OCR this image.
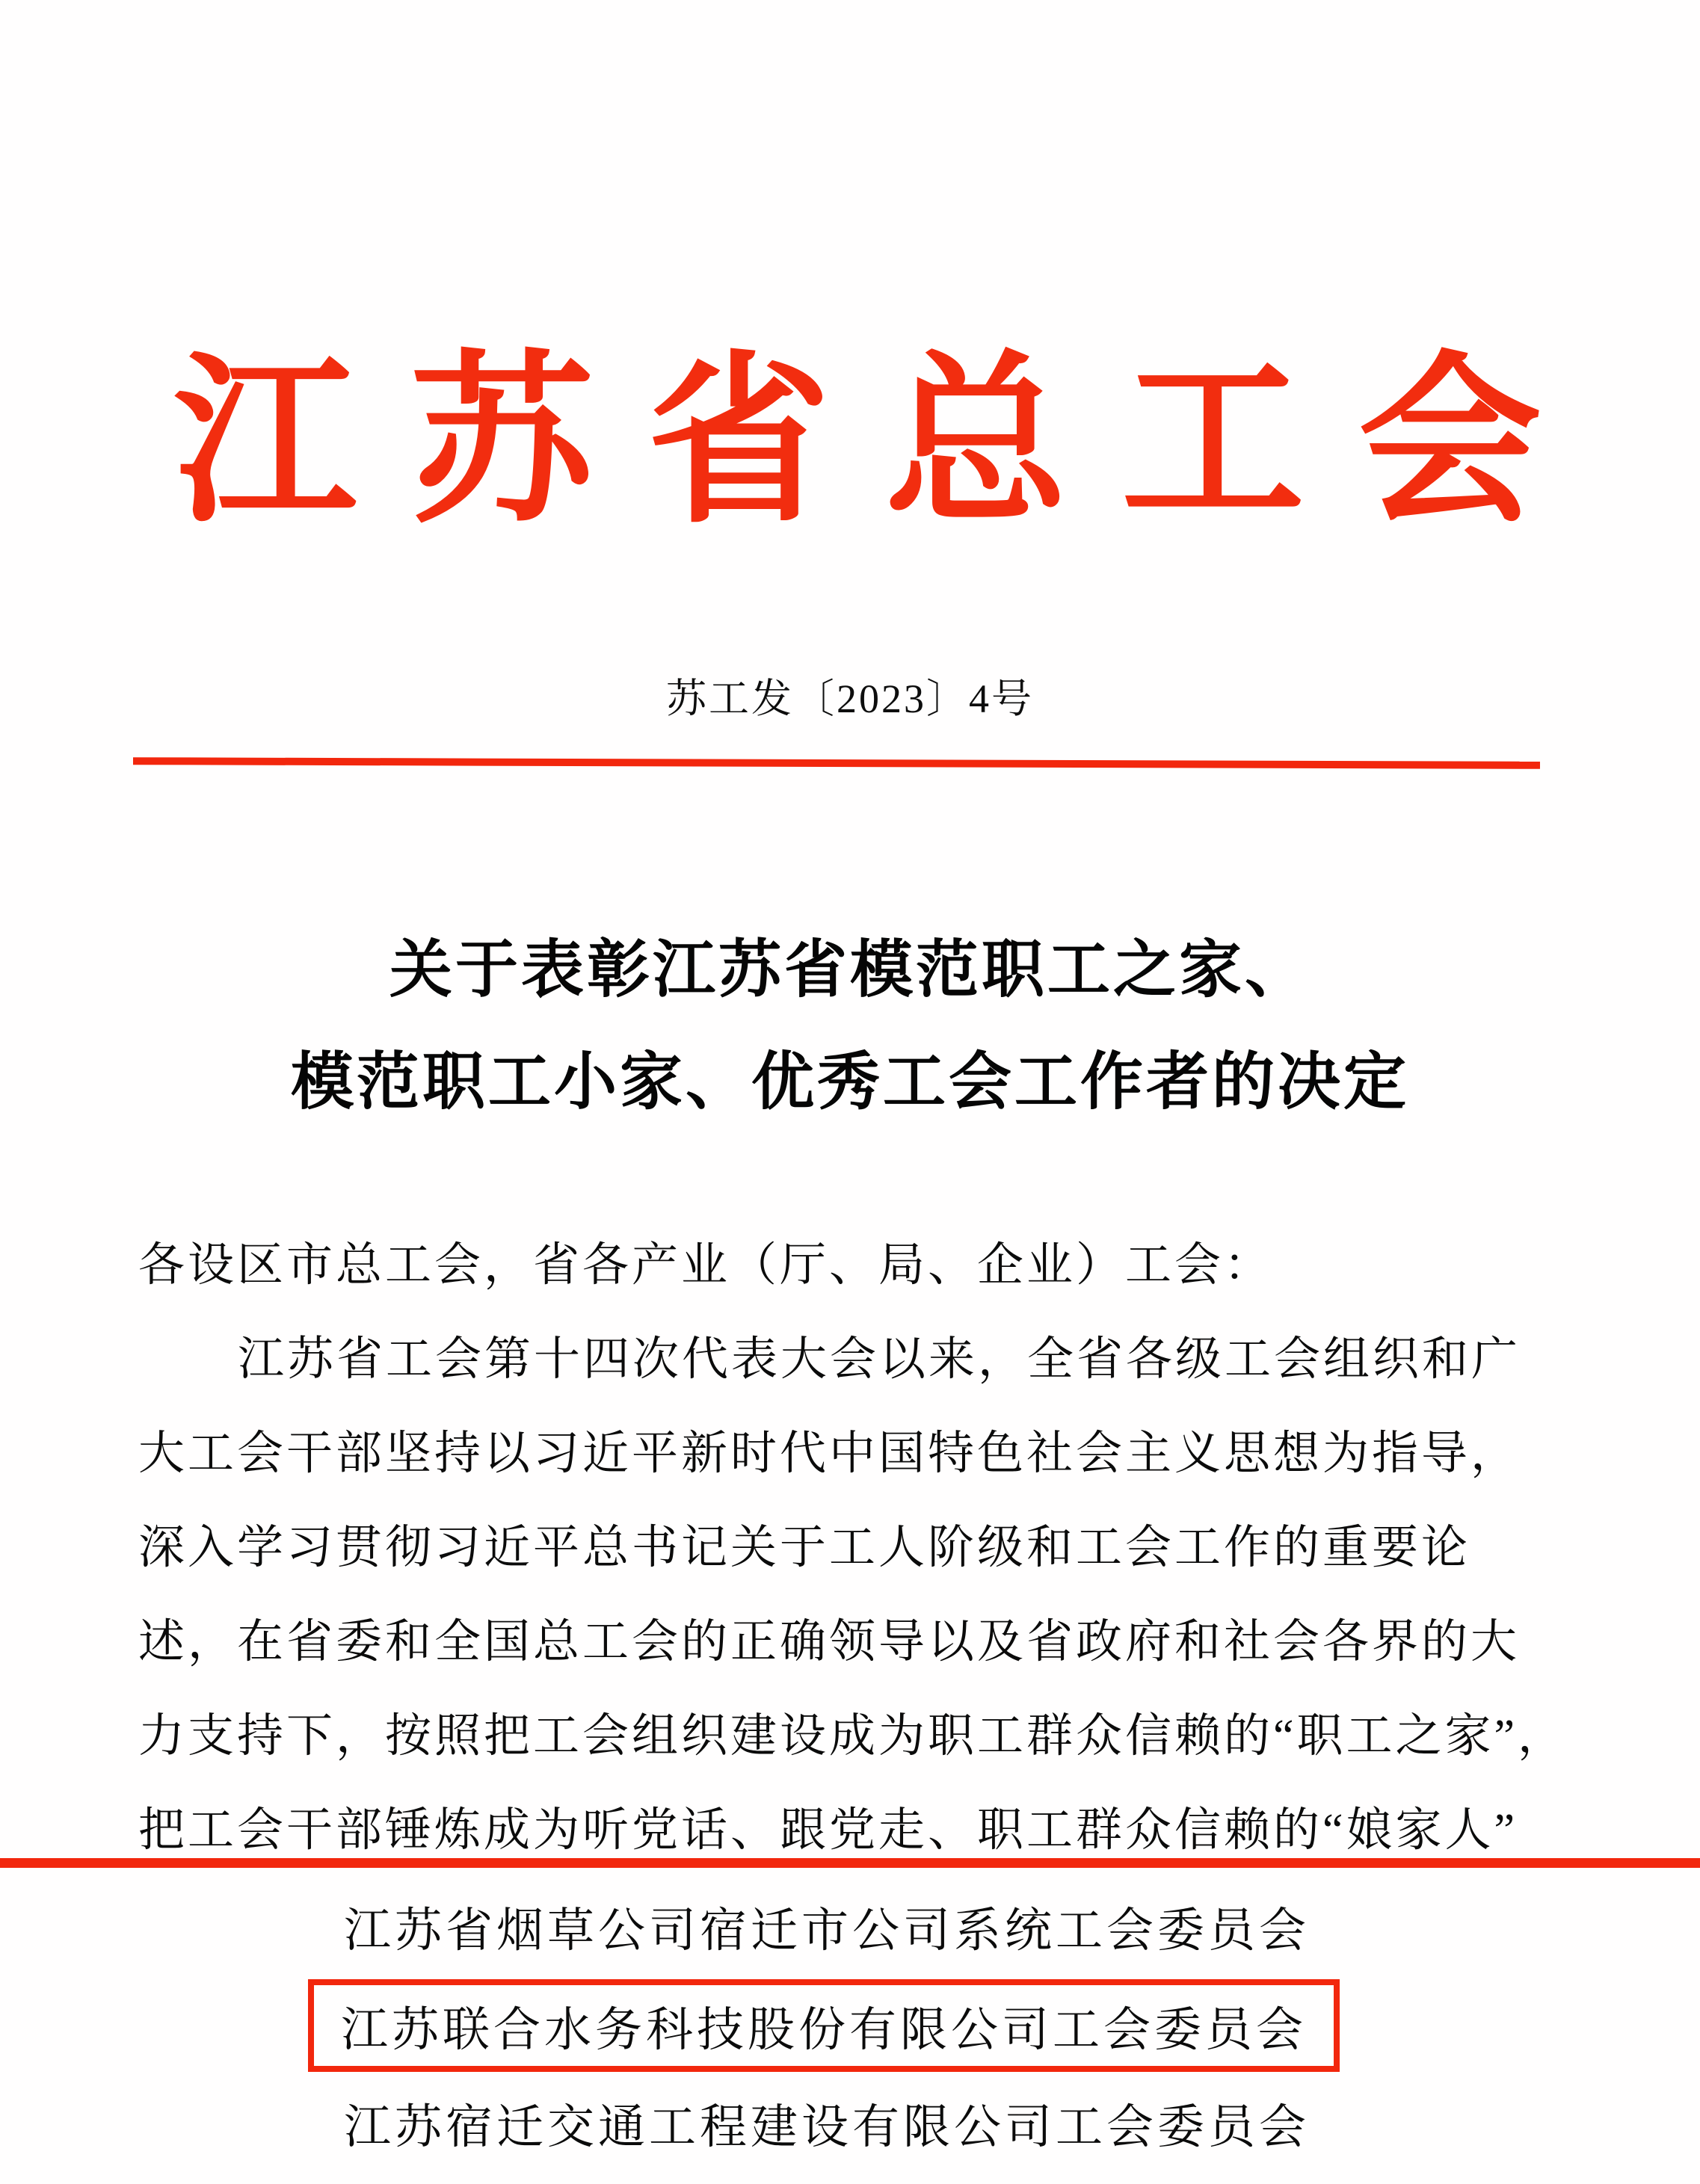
江苏省总工会
苏工发〔2023〕4号
关于表彰江苏省模范职工之家、
模范职工小家、优秀工会工作者的决定
各设区市总工会，省各产业（厅、局、企业）工会：
江苏省工会第十四次代表大会以来，全省各级工会组织和广
大工会干部坚持以习近平新时代中国特色社会主义思想为指导，
深入学习贯彻习近平总书记关于工人阶级和工会工作的重要论
述，在省委和全国总工会的正确领导以及省政府和社会各界的大
力支持下，按照把工会组织建设成为职工群众信赖的“职工之家”，
把工会干部锤炼成为听党话、跟党走、职工群众信赖的“娘家人”
江苏省烟草公司宿迁市公司系统工会委员会
江苏联合水务科技股份有限公司工会委员会
江苏宿迁交通工程建设有限公司工会委员会
